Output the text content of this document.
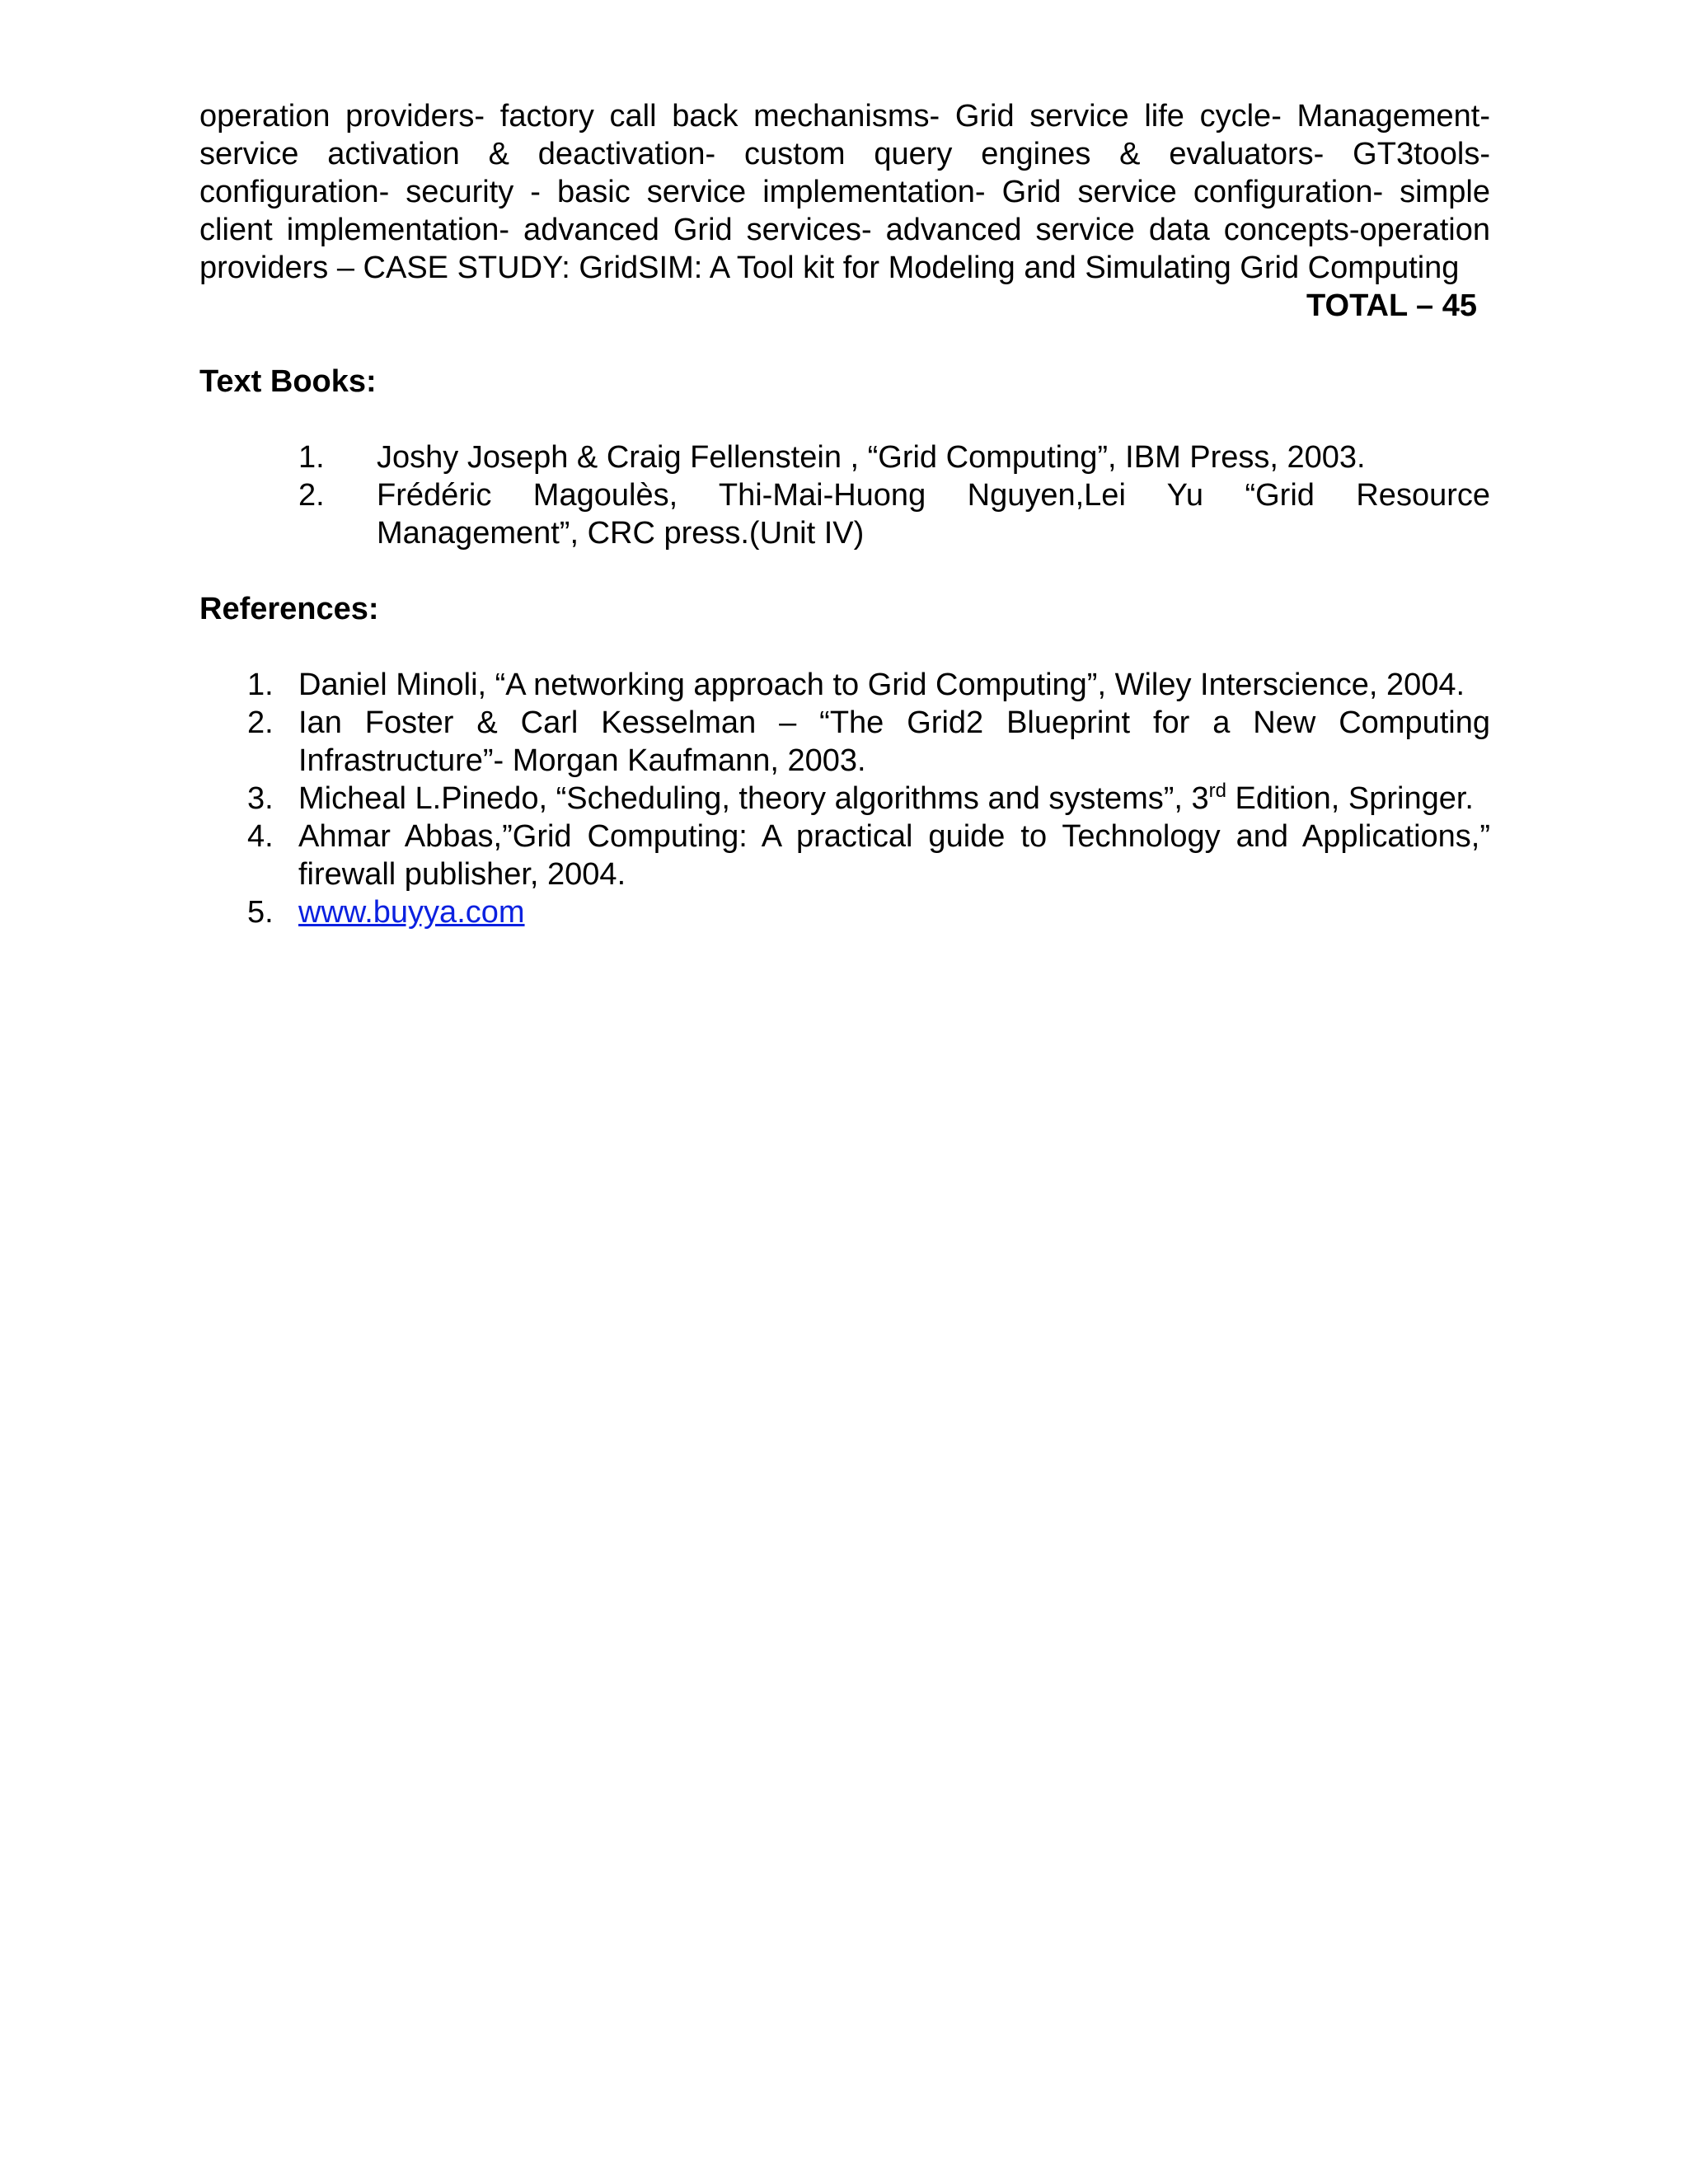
operation providers- factory call back mechanisms- Grid service life cycle- Management- service activation & deactivation- custom query engines & evaluators- GT3tools- configuration- security - basic service implementation- Grid service configuration- simple client implementation- advanced Grid services- advanced service data concepts-operation providers – CASE STUDY: GridSIM: A Tool kit for Modeling and Simulating Grid Computing

TOTAL – 45

Text Books:

1. Joshy Joseph & Craig Fellenstein , “Grid Computing”, IBM Press, 2003.
2. Frédéric Magoulès, Thi-Mai-Huong Nguyen,Lei Yu “Grid Resource Management”, CRC press.(Unit IV)

References:

1. Daniel Minoli, “A networking approach to Grid Computing”, Wiley Interscience, 2004.
2. Ian Foster & Carl Kesselman – “The Grid2 Blueprint for a New Computing Infrastructure”- Morgan Kaufmann, 2003.
3. Micheal L.Pinedo, “Scheduling, theory algorithms and systems”, 3rd Edition, Springer.
4. Ahmar Abbas,”Grid Computing: A practical guide to Technology and Applications,” firewall publisher, 2004.
5. www.buyya.com
